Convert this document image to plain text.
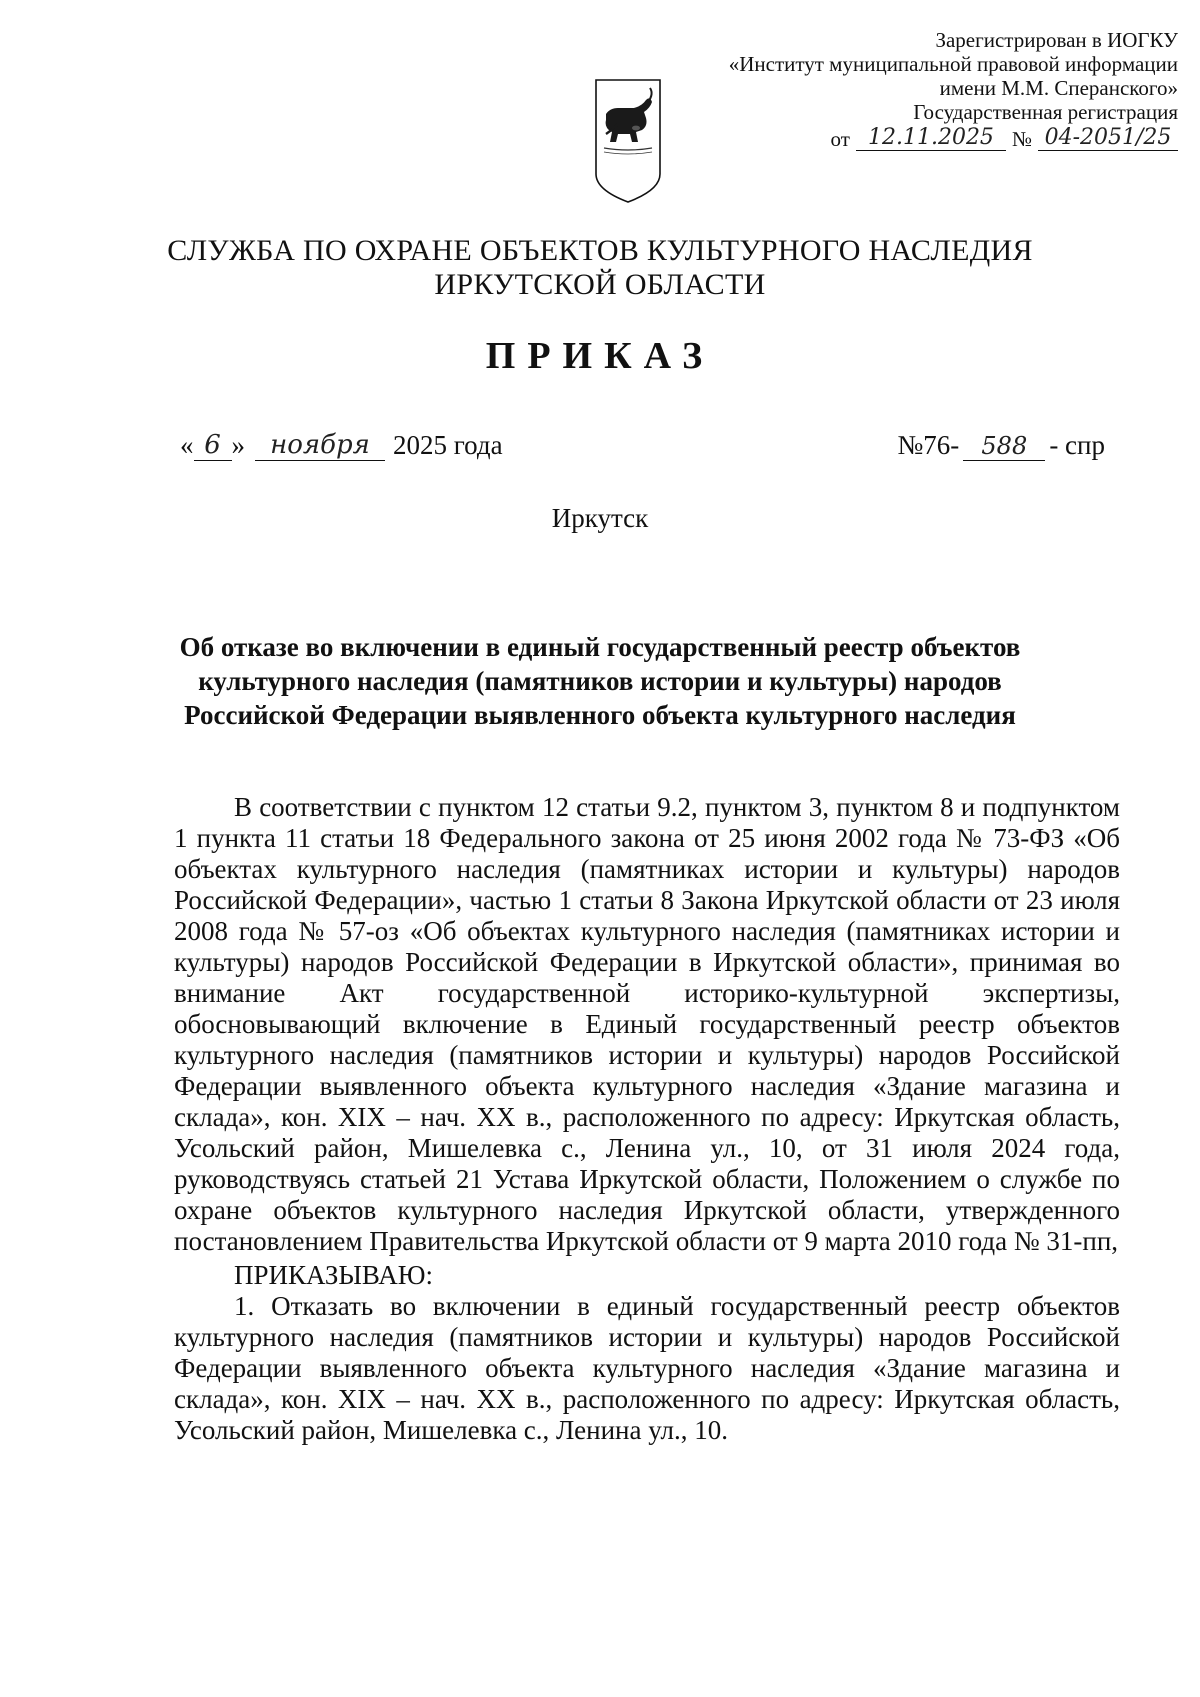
Зарегистрирован в ИОГКУ
«Институт муниципальной правовой информации
имени М.М. Сперанского»
Государственная регистрация
от 12.11.2025 № 04-2051/25
СЛУЖБА ПО ОХРАНЕ ОБЪЕКТОВ КУЛЬТУРНОГО НАСЛЕДИЯ
ИРКУТСКОЙ ОБЛАСТИ
ПРИКАЗ
« 6 » ноября 2025 года	№76- 588 - спр
Иркутск
Об отказе во включении в единый государственный реестр объектов
культурного наследия (памятников истории и культуры) народов
Российской Федерации выявленного объекта культурного наследия

В соответствии с пунктом 12 статьи 9.2, пунктом 3, пунктом 8 и подпунктом 1 пункта 11 статьи 18 Федерального закона от 25 июня 2002 года № 73-ФЗ «Об объектах культурного наследия (памятниках истории и культуры) народов Российской Федерации», частью 1 статьи 8 Закона Иркутской области от 23 июля 2008 года № 57-оз «Об объектах культурного наследия (памятниках истории и культуры) народов Российской Федерации в Иркутской области», принимая во внимание Акт государственной историко-культурной экспертизы, обосновывающий включение в Единый государственный реестр объектов культурного наследия (памятников истории и культуры) народов Российской Федерации выявленного объекта культурного наследия «Здание магазина и склада», кон. XIX – нач. XX в., расположенного по адресу: Иркутская область, Усольский район, Мишелевка с., Ленина ул., 10, от 31 июля 2024 года, руководствуясь статьей 21 Устава Иркутской области, Положением о службе по охране объектов культурного наследия Иркутской области, утвержденного постановлением Правительства Иркутской области от 9 марта 2010 года № 31-пп,

ПРИКАЗЫВАЮ:

1. Отказать во включении в единый государственный реестр объектов культурного наследия (памятников истории и культуры) народов Российской Федерации выявленного объекта культурного наследия «Здание магазина и склада», кон. XIX – нач. XX в., расположенного по адресу: Иркутская область, Усольский район, Мишелевка с., Ленина ул., 10.
